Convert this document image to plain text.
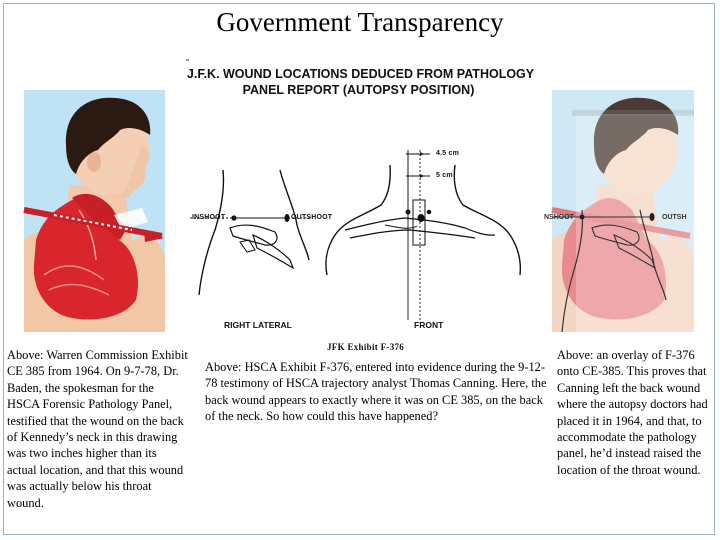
Government Transparency
J.F.K. WOUND LOCATIONS DEDUCED FROM PATHOLOGY
PANEL REPORT (AUTOPSY POSITION)
INSHOOT	OUTSHOOT
4.5 cm
5 cm
RIGHT LATERAL	FRONT
JFK Exhibit F-376
NSHOOT	OUTSH
Above: Warren Commission Exhibit CE 385 from 1964. On 9-7-78, Dr. Baden, the spokesman for the HSCA Forensic Pathology Panel, testified that the wound on the back of Kennedy’s neck in this drawing was two inches higher than its actual location, and that this wound was actually below his throat wound.
Above: HSCA Exhibit F-376, entered into evidence during the 9-12-78 testimony of HSCA trajectory analyst Thomas Canning. Here, the back wound appears to exactly where it was on CE 385, on the back of the neck. So how could this have happened?
Above: an overlay of F-376 onto CE-385. This proves that Canning left the back wound where the autopsy doctors had placed it in 1964, and that, to accommodate the pathology panel, he’d instead raised the location of the throat wound.
